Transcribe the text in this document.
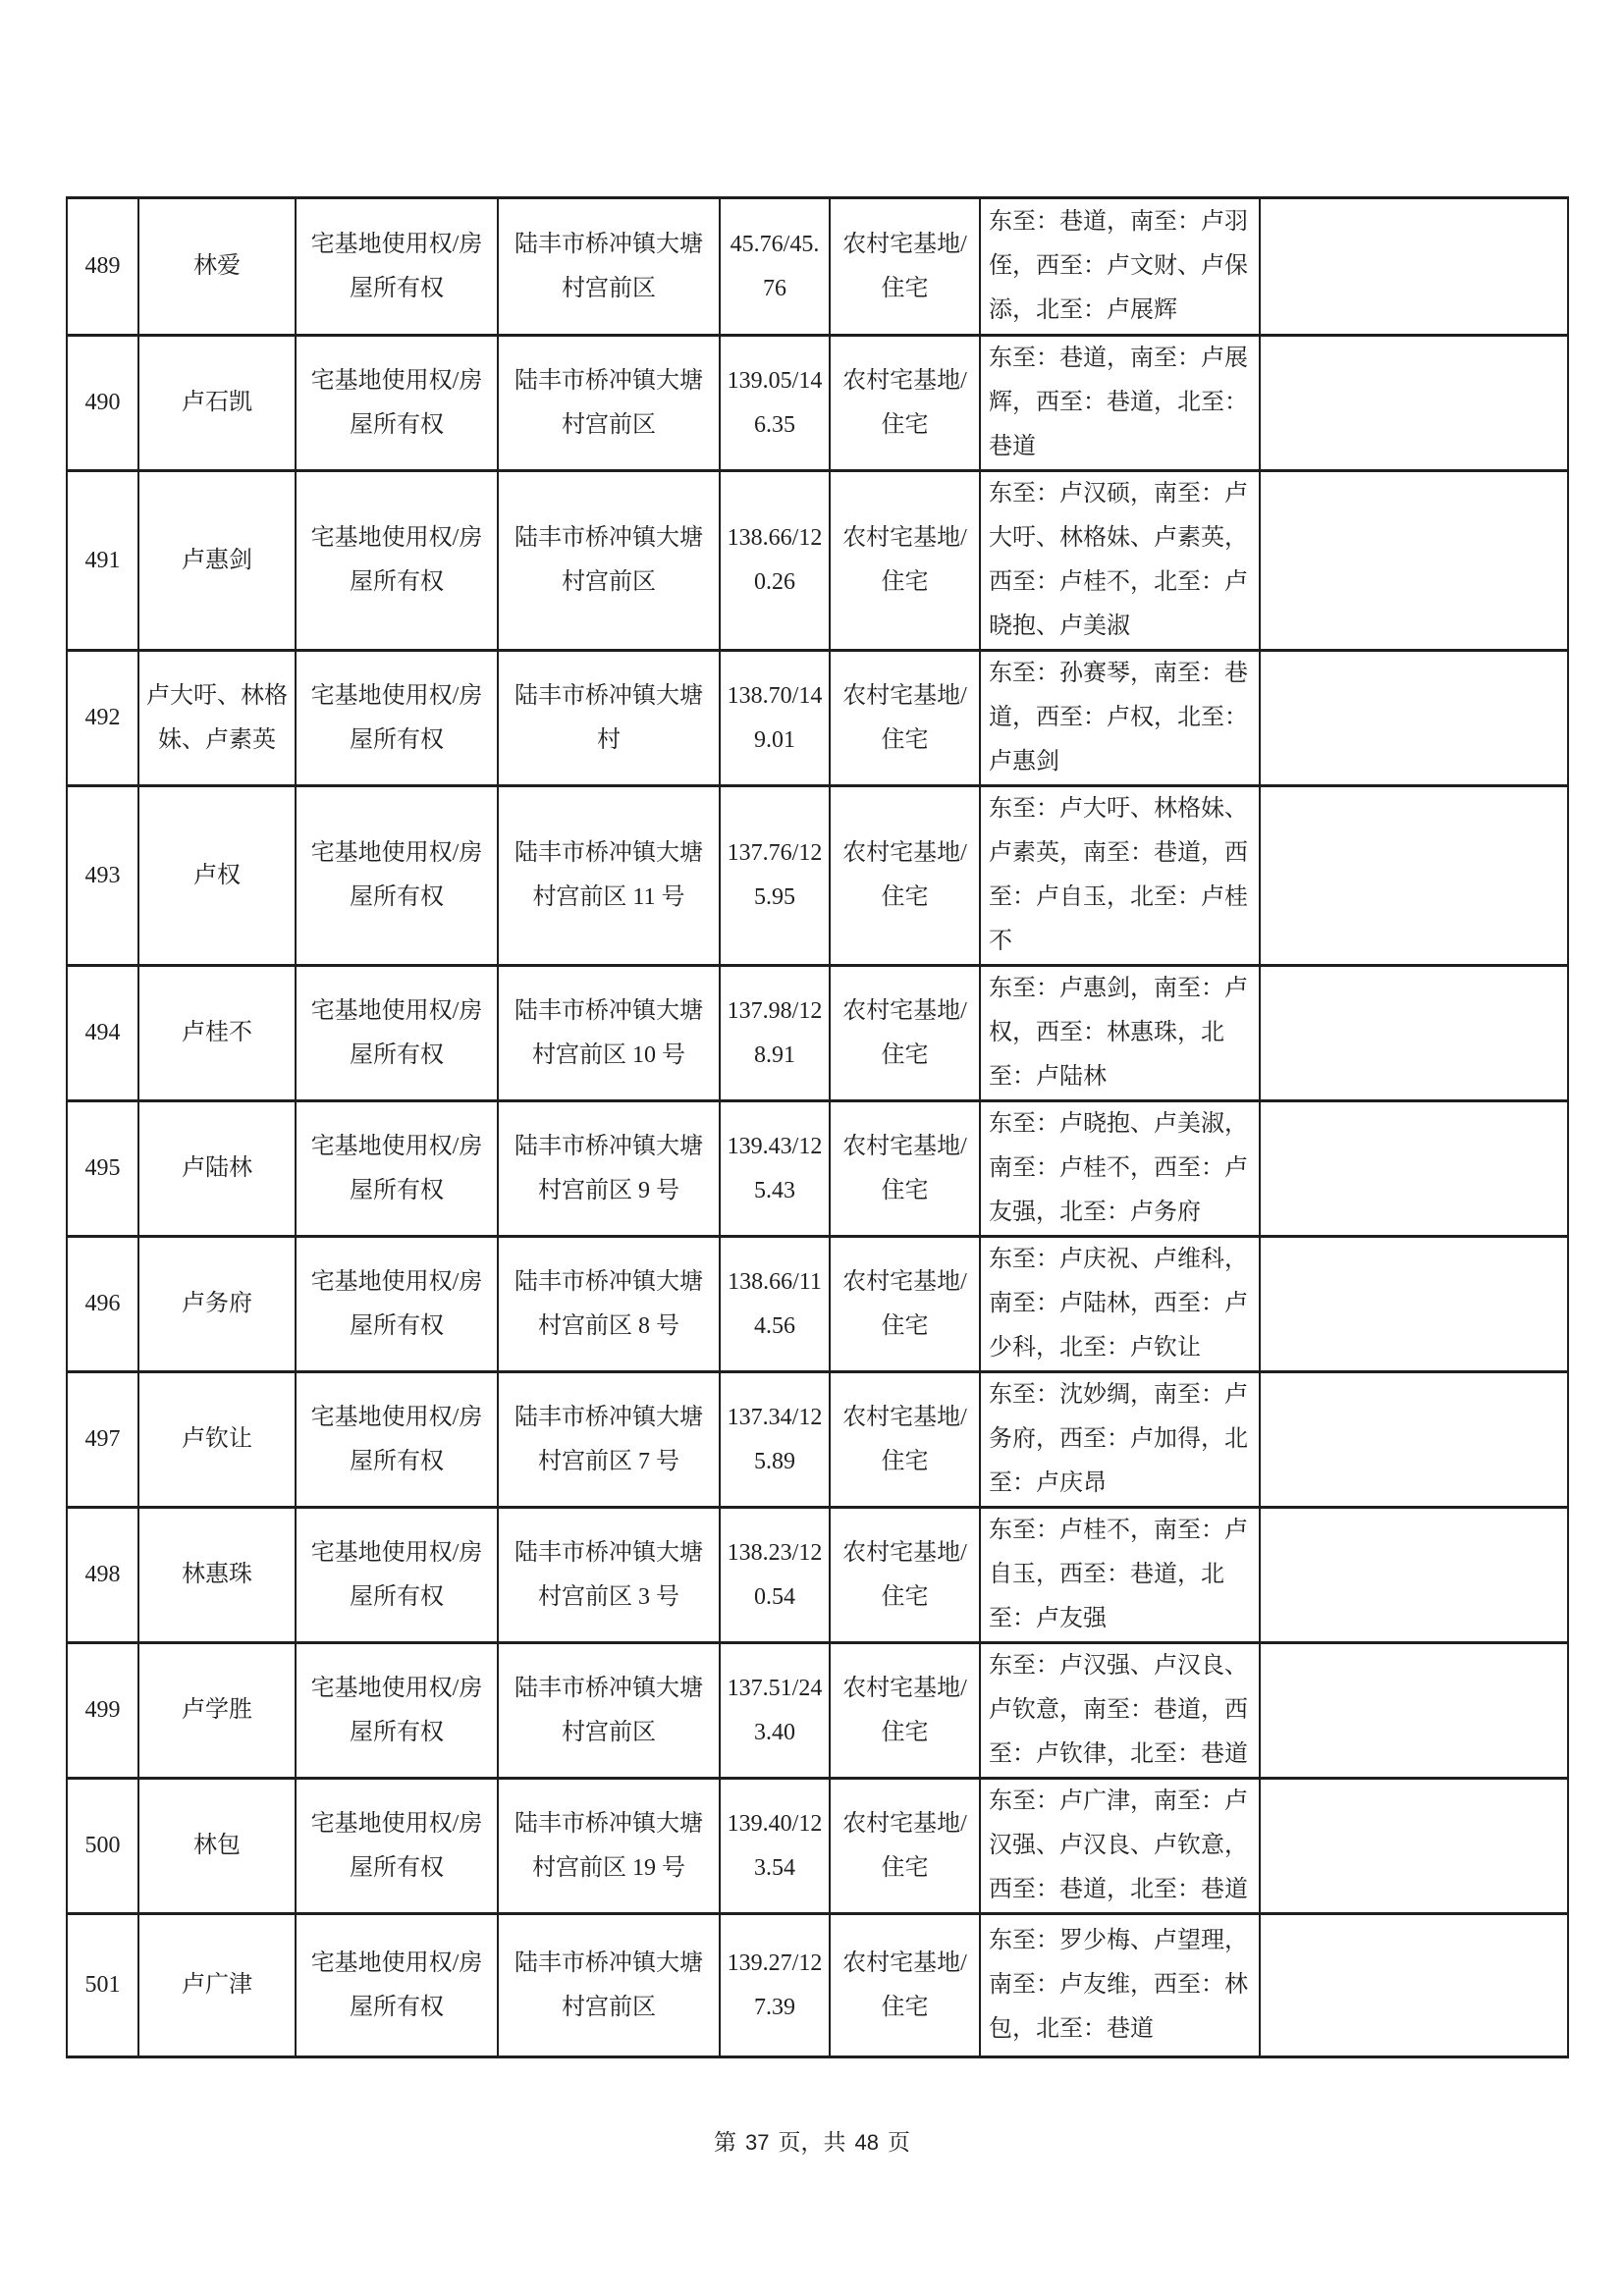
489	林爱	宅基地使用权/房屋所有权	陆丰市桥冲镇大塘村宫前区	45.76/45.76	农村宅基地/住宅	东至：巷道，南至：卢羽侄，西至：卢文财、卢保添，北至：卢展辉	
490	卢石凯	宅基地使用权/房屋所有权	陆丰市桥冲镇大塘村宫前区	139.05/146.35	农村宅基地/住宅	东至：巷道，南至：卢展辉，西至：巷道，北至：巷道	
491	卢惠剑	宅基地使用权/房屋所有权	陆丰市桥冲镇大塘村宫前区	138.66/120.26	农村宅基地/住宅	东至：卢汉硕，南至：卢大吁、林格妹、卢素英，西至：卢桂不，北至：卢晓抱、卢美淑	
492	卢大吁、林格妹、卢素英	宅基地使用权/房屋所有权	陆丰市桥冲镇大塘村	138.70/149.01	农村宅基地/住宅	东至：孙赛琴，南至：巷道，西至：卢权，北至：卢惠剑	
493	卢权	宅基地使用权/房屋所有权	陆丰市桥冲镇大塘村宫前区 11 号	137.76/125.95	农村宅基地/住宅	东至：卢大吁、林格妹、卢素英，南至：巷道，西至：卢自玉，北至：卢桂不	
494	卢桂不	宅基地使用权/房屋所有权	陆丰市桥冲镇大塘村宫前区 10 号	137.98/128.91	农村宅基地/住宅	东至：卢惠剑，南至：卢权，西至：林惠珠，北至：卢陆林	
495	卢陆林	宅基地使用权/房屋所有权	陆丰市桥冲镇大塘村宫前区 9 号	139.43/125.43	农村宅基地/住宅	东至：卢晓抱、卢美淑，南至：卢桂不，西至：卢友强，北至：卢务府	
496	卢务府	宅基地使用权/房屋所有权	陆丰市桥冲镇大塘村宫前区 8 号	138.66/114.56	农村宅基地/住宅	东至：卢庆祝、卢维科，南至：卢陆林，西至：卢少科，北至：卢钦让	
497	卢钦让	宅基地使用权/房屋所有权	陆丰市桥冲镇大塘村宫前区 7 号	137.34/125.89	农村宅基地/住宅	东至：沈妙绸，南至：卢务府，西至：卢加得，北至：卢庆昂	
498	林惠珠	宅基地使用权/房屋所有权	陆丰市桥冲镇大塘村宫前区 3 号	138.23/120.54	农村宅基地/住宅	东至：卢桂不，南至：卢自玉，西至：巷道，北至：卢友强	
499	卢学胜	宅基地使用权/房屋所有权	陆丰市桥冲镇大塘村宫前区	137.51/243.40	农村宅基地/住宅	东至：卢汉强、卢汉良、卢钦意，南至：巷道，西至：卢钦律，北至：巷道	
500	林包	宅基地使用权/房屋所有权	陆丰市桥冲镇大塘村宫前区 19 号	139.40/123.54	农村宅基地/住宅	东至：卢广津，南至：卢汉强、卢汉良、卢钦意，西至：巷道，北至：巷道	
501	卢广津	宅基地使用权/房屋所有权	陆丰市桥冲镇大塘村宫前区	139.27/127.39	农村宅基地/住宅	东至：罗少梅、卢望理，南至：卢友维，西至：林包，北至：巷道	
第 37 页，共 48 页
